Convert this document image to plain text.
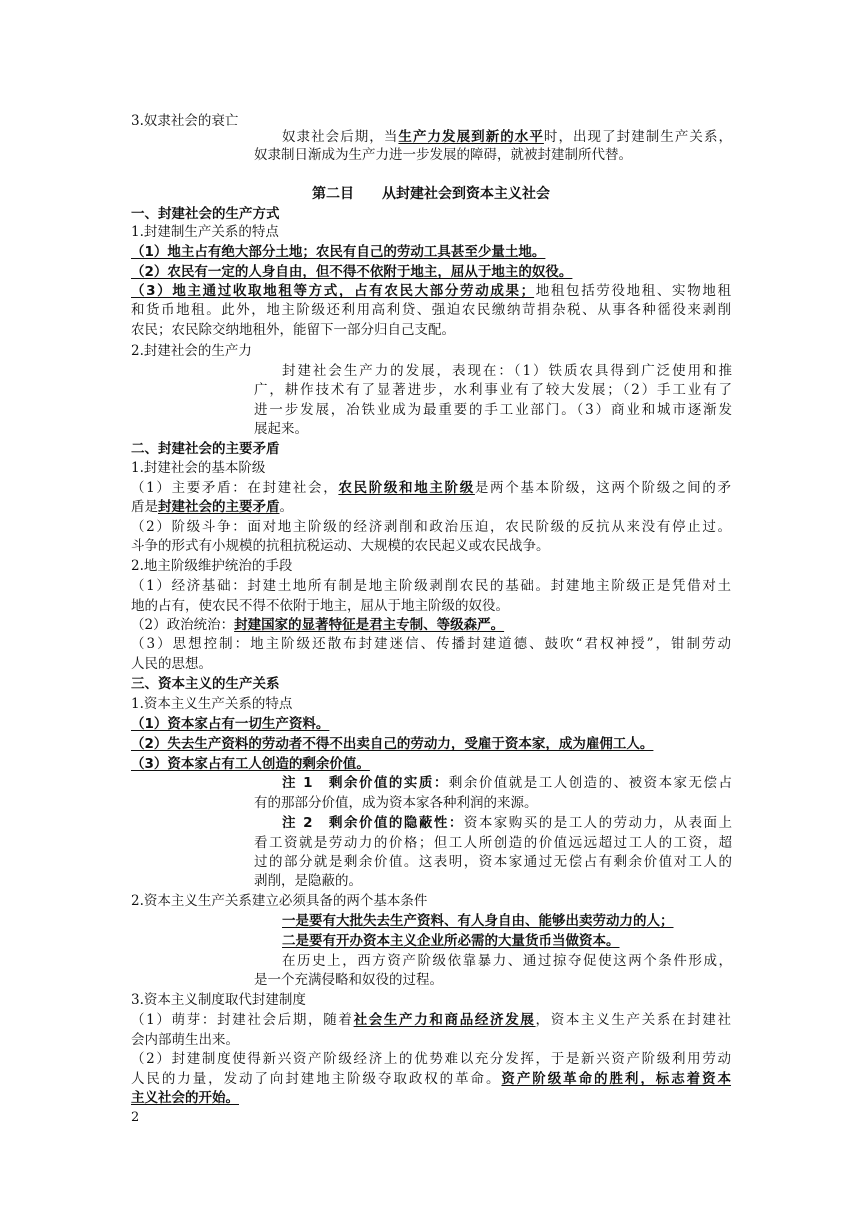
3.奴隶社会的衰亡
奴隶社会后期，当生产力发展到新的水平时，出现了封建制生产关系，
奴隶制日渐成为生产力进一步发展的障碍，就被封建制所代替。
第二目　　从封建社会到资本主义社会
一、封建社会的生产方式
1.封建制生产关系的特点
（1）地主占有绝大部分土地；农民有自己的劳动工具甚至少量土地。
（2）农民有一定的人身自由，但不得不依附于地主，屈从于地主的奴役。
（3）地主通过收取地租等方式，占有农民大部分劳动成果；地租包括劳役地租、实物地租
和货币地租。此外，地主阶级还利用高利贷、强迫农民缴纳苛捐杂税、从事各种徭役来剥削
农民；农民除交纳地租外，能留下一部分归自己支配。
2.封建社会的生产力
封建社会生产力的发展，表现在：（1）铁质农具得到广泛使用和推
广，耕作技术有了显著进步，水利事业有了较大发展；（2）手工业有了
进一步发展，冶铁业成为最重要的手工业部门。（3）商业和城市逐渐发
展起来。
二、封建社会的主要矛盾
1.封建社会的基本阶级
（1）主要矛盾：在封建社会，农民阶级和地主阶级是两个基本阶级，这两个阶级之间的矛
盾是封建社会的主要矛盾。
（2）阶级斗争：面对地主阶级的经济剥削和政治压迫，农民阶级的反抗从来没有停止过。
斗争的形式有小规模的抗租抗税运动、大规模的农民起义或农民战争。
2.地主阶级维护统治的手段
（1）经济基础：封建土地所有制是地主阶级剥削农民的基础。封建地主阶级正是凭借对土
地的占有，使农民不得不依附于地主，屈从于地主阶级的奴役。
（2）政治统治：封建国家的显著特征是君主专制、等级森严。
（3）思想控制：地主阶级还散布封建迷信、传播封建道德、鼓吹“君权神授”，钳制劳动
人民的思想。
三、资本主义的生产关系
1.资本主义生产关系的特点
（1）资本家占有一切生产资料。
（2）失去生产资料的劳动者不得不出卖自己的劳动力，受雇于资本家，成为雇佣工人。
（3）资本家占有工人创造的剩余价值。
注 1　剩余价值的实质：剩余价值就是工人创造的、被资本家无偿占
有的那部分价值，成为资本家各种利润的来源。
注 2　剩余价值的隐蔽性：资本家购买的是工人的劳动力，从表面上
看工资就是劳动力的价格；但工人所创造的价值远远超过工人的工资，超
过的部分就是剩余价值。这表明，资本家通过无偿占有剩余价值对工人的
剥削，是隐蔽的。
2.资本主义生产关系建立必须具备的两个基本条件
一是要有大批失去生产资料、有人身自由、能够出卖劳动力的人；
二是要有开办资本主义企业所必需的大量货币当做资本。
在历史上，西方资产阶级依靠暴力、通过掠夺促使这两个条件形成，
是一个充满侵略和奴役的过程。
3.资本主义制度取代封建制度
（1）萌芽：封建社会后期，随着社会生产力和商品经济发展，资本主义生产关系在封建社
会内部萌生出来。
（2）封建制度使得新兴资产阶级经济上的优势难以充分发挥，于是新兴资产阶级利用劳动
人民的力量，发动了向封建地主阶级夺取政权的革命。资产阶级革命的胜利，标志着资本
主义社会的开始。
2
